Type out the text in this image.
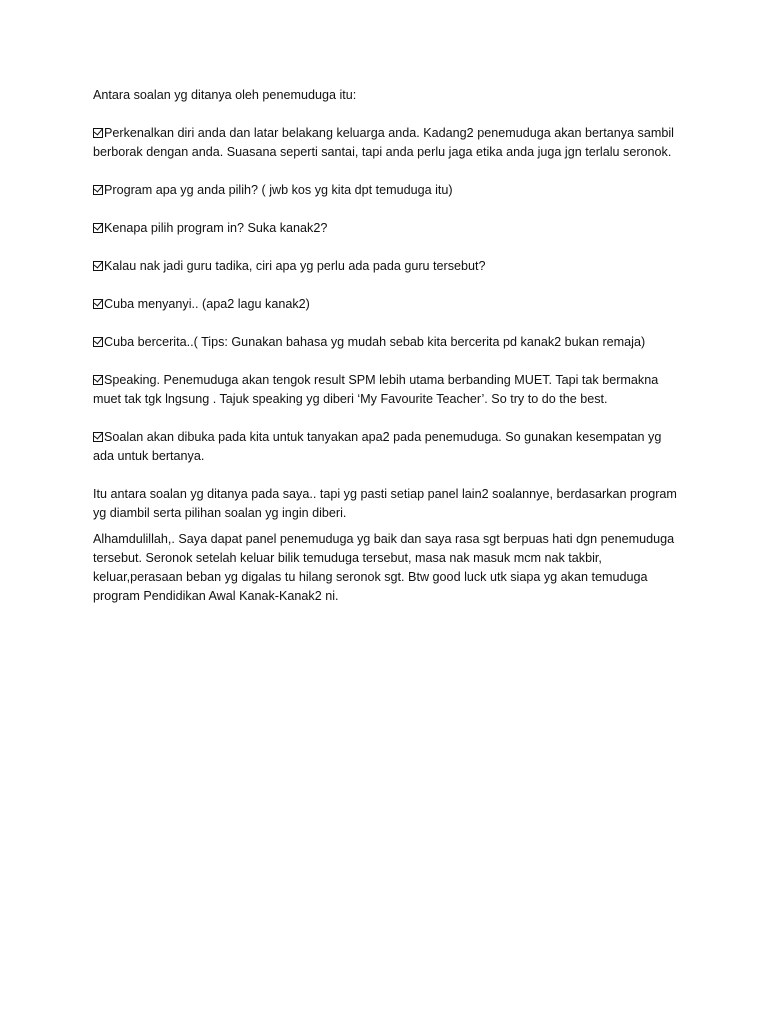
Antara soalan yg ditanya oleh penemuduga itu:

Perkenalkan diri anda dan latar belakang keluarga anda. Kadang2 penemuduga akan bertanya sambil berborak dengan anda. Suasana seperti santai, tapi anda perlu jaga etika anda juga jgn terlalu seronok.

Program apa yg anda pilih? ( jwb kos yg kita dpt temuduga itu)

Kenapa pilih program in? Suka kanak2?

Kalau nak jadi guru tadika, ciri apa yg perlu ada pada guru tersebut?

Cuba menyanyi.. (apa2 lagu kanak2)

Cuba bercerita..( Tips: Gunakan bahasa yg mudah sebab kita bercerita pd kanak2 bukan remaja)

Speaking. Penemuduga akan tengok result SPM lebih utama berbanding MUET. Tapi tak bermakna muet tak tgk lngsung . Tajuk speaking yg diberi ‘My Favourite Teacher’. So try to do the best.

Soalan akan dibuka pada kita untuk tanyakan apa2 pada penemuduga. So gunakan kesempatan yg ada untuk bertanya.

Itu antara soalan yg ditanya pada saya.. tapi yg pasti setiap panel lain2 soalannye, berdasarkan program yg diambil serta pilihan soalan yg ingin diberi.

Alhamdulillah,. Saya dapat panel penemuduga yg baik dan saya rasa sgt berpuas hati dgn penemuduga tersebut. Seronok setelah keluar bilik temuduga tersebut, masa nak masuk mcm nak takbir, keluar,perasaan beban yg digalas tu hilang seronok sgt. Btw good luck utk siapa yg akan temuduga program Pendidikan Awal Kanak-Kanak2 ni.
